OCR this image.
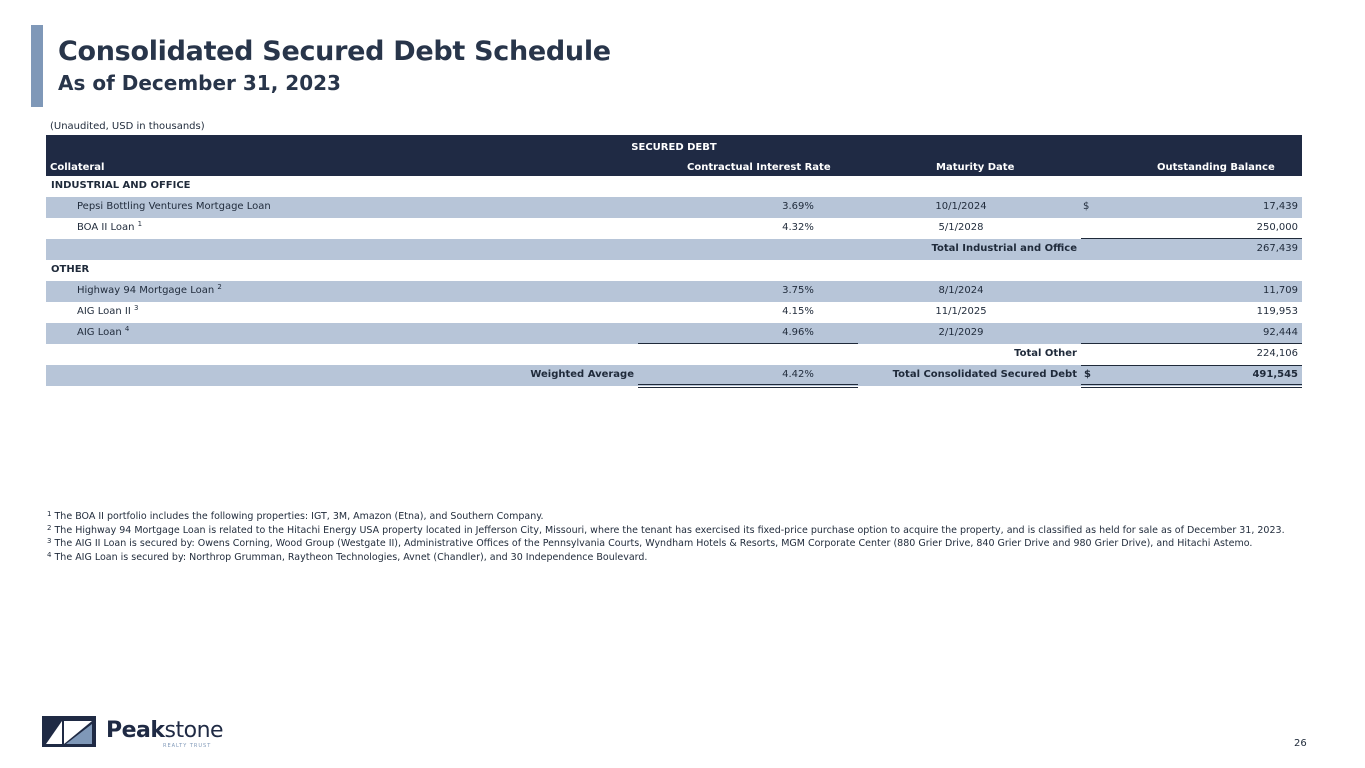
Consolidated Secured Debt Schedule
As of December 31, 2023
(Unaudited, USD in thousands)
SECURED DEBT
Collateral	Contractual Interest Rate	Maturity Date	Outstanding Balance
INDUSTRIAL AND OFFICE
Pepsi Bottling Ventures Mortgage Loan	3.69%	10/1/2024	$	17,439
BOA II Loan $^1$	4.32%	5/1/2028	250,000
Total Industrial and Office	267,439
OTHER
Highway 94 Mortgage Loan $^2$	3.75%	8/1/2024	11,709
AIG Loan II $^3$	4.15%	11/1/2025	119,953
AIG Loan $^4$	4.96%	2/1/2029	92,444
Total Other	224,106
Weighted Average	4.42%	Total Consolidated Secured Debt $	491,545
$^1$ The BOA II portfolio includes the following properties: IGT, 3M, Amazon (Etna), and Southern Company.
$^2$ The Highway 94 Mortgage Loan is related to the Hitachi Energy USA property located in Jefferson City, Missouri, where the tenant has exercised its fixed-price purchase option to acquire the property, and is classified as held for sale as of December 31, 2023.
$^3$ The AIG II Loan is secured by: Owens Corning, Wood Group (Westgate II), Administrative Offices of the Pennsylvania Courts, Wyndham Hotels & Resorts, MGM Corporate Center (880 Grier Drive, 840 Grier Drive and 980 Grier Drive), and Hitachi Astemo.
$^4$ The AIG Loan is secured by: Northrop Grumman, Raytheon Technologies, Avnet (Chandler), and 30 Independence Boulevard.
Peakstone
REALTY TRUST	26
